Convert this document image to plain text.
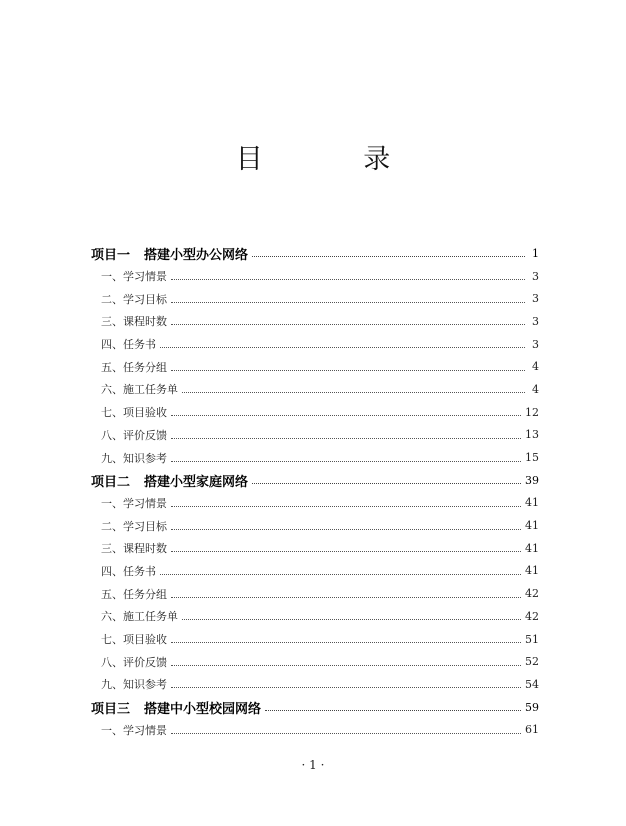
目 录
项目一 搭建小型办公网络	1
一、学习情景	3
二、学习目标	3
三、课程时数	3
四、任务书	3
五、任务分组	4
六、施工任务单	4
七、项目验收	12
八、评价反馈	13
九、知识参考	15
项目二 搭建小型家庭网络	39
一、学习情景	41
二、学习目标	41
三、课程时数	41
四、任务书	41
五、任务分组	42
六、施工任务单	42
七、项目验收	51
八、评价反馈	52
九、知识参考	54
项目三 搭建中小型校园网络	59
一、学习情景	61
· 1 ·
